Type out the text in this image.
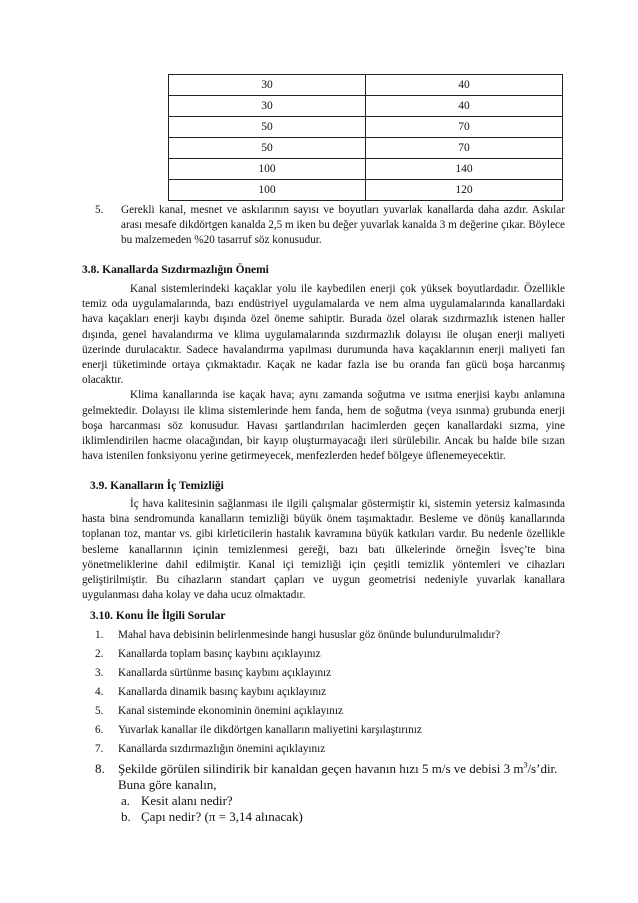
30	40
30	40
50	70
50	70
100	140
100	120
5. Gerekli kanal, mesnet ve askılarının sayısı ve boyutları yuvarlak kanallarda daha azdır. Askılar arası mesafe dikdörtgen kanalda 2,5 m iken bu değer yuvarlak kanalda 3 m değerine çıkar. Böylece bu malzemeden %20 tasarruf söz konusudur.
3.8. Kanallarda Sızdırmazlığın Önemi

Kanal sistemlerindeki kaçaklar yolu ile kaybedilen enerji çok yüksek boyutlardadır. Özellikle temiz oda uygulamalarında, bazı endüstriyel uygulamalarda ve nem alma uygulamalarında kanallardaki hava kaçakları enerji kaybı dışında özel öneme sahiptir. Burada özel olarak sızdırmazlık istenen haller dışında, genel havalandırma ve klima uygulamalarında sızdırmazlık dolayısı ile oluşan enerji maliyeti üzerinde durulacaktır. Sadece havalandırma yapılması durumunda hava kaçaklarının enerji maliyeti fan enerji tüketiminde ortaya çıkmaktadır. Kaçak ne kadar fazla ise bu oranda fan gücü boşa harcanmış olacaktır.

Klima kanallarında ise kaçak hava; aynı zamanda soğutma ve ısıtma enerjisi kaybı anlamına gelmektedir. Dolayısı ile klima sistemlerinde hem fanda, hem de soğutma (veya ısınma) grubunda enerji boşa harcanması söz konusudur. Havası şartlandırılan hacimlerden geçen kanallardaki sızma, yine iklimlendirilen hacme olacağından, bir kayıp oluşturmayacağı ileri sürülebilir. Ancak bu halde bile sızan hava istenilen fonksiyonu yerine getirmeyecek, menfezlerden hedef bölgeye üflenemeyecektir.

3.9. Kanalların İç Temizliği

İç hava kalitesinin sağlanması ile ilgili çalışmalar göstermiştir ki, sistemin yetersiz kalmasında hasta bina sendromunda kanalların temizliği büyük önem taşımaktadır. Besleme ve dönüş kanallarında toplanan toz, mantar vs. gibi kirleticilerin hastalık kavramına büyük katkıları vardır. Bu nedenle özellikle besleme kanallarının içinin temizlenmesi gereği, bazı batı ülkelerinde örneğin İsveç’te bina yönetmeliklerine dahil edilmiştir. Kanal içi temizliği için çeşitli temizlik yöntemleri ve cihazları geliştirilmiştir. Bu cihazların standart çapları ve uygun geometrisi nedeniyle yuvarlak kanallara uygulanması daha kolay ve daha ucuz olmaktadır.

3.10. Konu İle İlgili Sorular
1. Mahal hava debisinin belirlenmesinde hangi hususlar göz önünde bulundurulmalıdır?
2. Kanallarda toplam basınç kaybını açıklayınız
3. Kanallarda sürtünme basınç kaybını açıklayınız
4. Kanallarda dinamik basınç kaybını açıklayınız
5. Kanal sisteminde ekonominin önemini açıklayınız
6. Yuvarlak kanallar ile dikdörtgen kanalların maliyetini karşılaştırınız
7. Kanallarda sızdırmazlığın önemini açıklayınız
8. Şekilde görülen silindirik bir kanaldan geçen havanın hızı 5 m/s ve debisi 3 $m^3/s’dir$. Buna göre kanalın,
a. Kesit alanı nedir?
b. Çapı nedir? (π = 3,14 alınacak)
